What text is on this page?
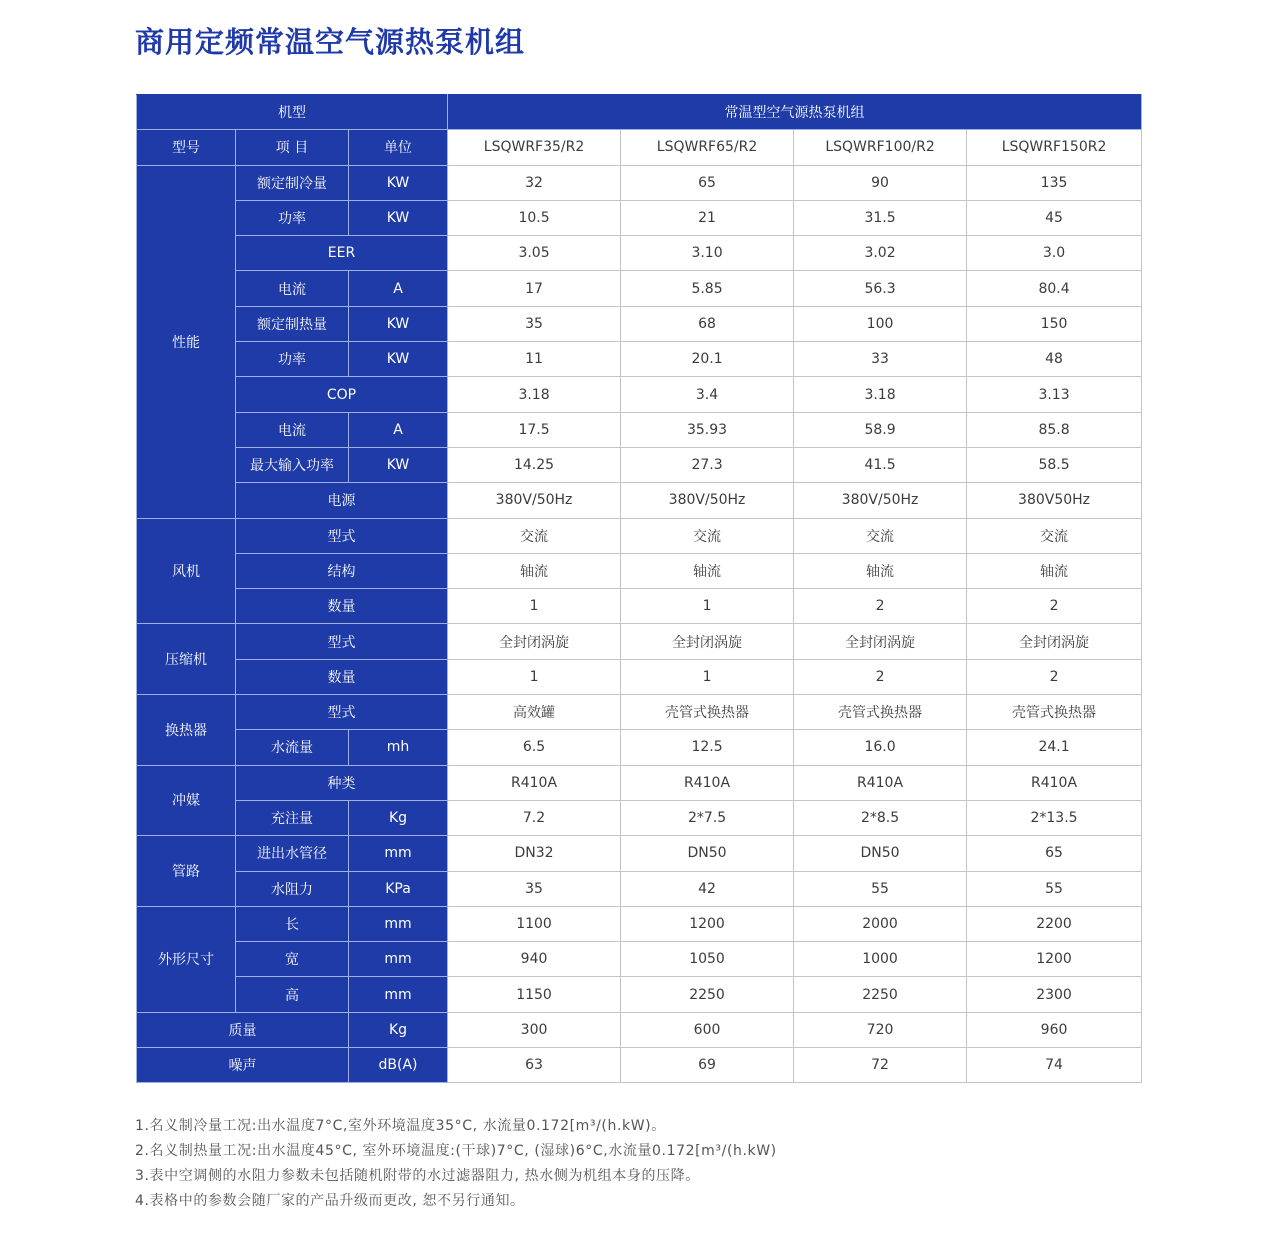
商用定频常温空气源热泵机组
机型			常温型空气源热泵机组			
型号	项 目	单位	LSQWRF35/R2	LSQWRF65/R2	LSQWRF100/R2	LSQWRF150R2
性能	额定制冷量	KW	32	65	90	135
	功率	KW	10.5	21	31.5	45
	EER		3.05	3.10	3.02	3.0
	电流	A	17	5.85	56.3	80.4
	额定制热量	KW	35	68	100	150
	功率	KW	11	20.1	33	48
	COP		3.18	3.4	3.18	3.13
	电流	A	17.5	35.93	58.9	85.8
	最大输入功率	KW	14.25	27.3	41.5	58.5
	电源		380V/50Hz	380V/50Hz	380V/50Hz	380V50Hz
风机	型式		交流	交流	交流	交流
	结构		轴流	轴流	轴流	轴流
	数量		1	1	2	2
压缩机	型式		全封闭涡旋	全封闭涡旋	全封闭涡旋	全封闭涡旋
	数量		1	1	2	2
换热器	型式		高效罐	壳管式换热器	壳管式换热器	壳管式换热器
	水流量	mh	6.5	12.5	16.0	24.1
冲媒	种类		R410A	R410A	R410A	R410A
	充注量	Kg	7.2	2*7.5	2*8.5	2*13.5
管路	进出水管径	mm	DN32	DN50	DN50	65
	水阻力	KPa	35	42	55	55
外形尺寸	长	mm	1100	1200	2000	2200
	宽	mm	940	1050	1000	1200
	高	mm	1150	2250	2250	2300
质量		Kg	300	600	720	960
噪声		dB(A)	63	69	72	74
1.名义制冷量工况:出水温度7°C,室外环境温度35°C, 水流量0.172[m³/(h.kW)。
2.名义制热量工况:出水温度45°C, 室外环境温度:(干球)7°C, (湿球)6°C,水流量0.172[m³/(h.kW)
3.表中空调侧的水阻力参数未包括随机附带的水过滤器阻力, 热水侧为机组本身的压降。
4.表格中的参数会随厂家的产品升级而更改, 恕不另行通知。
